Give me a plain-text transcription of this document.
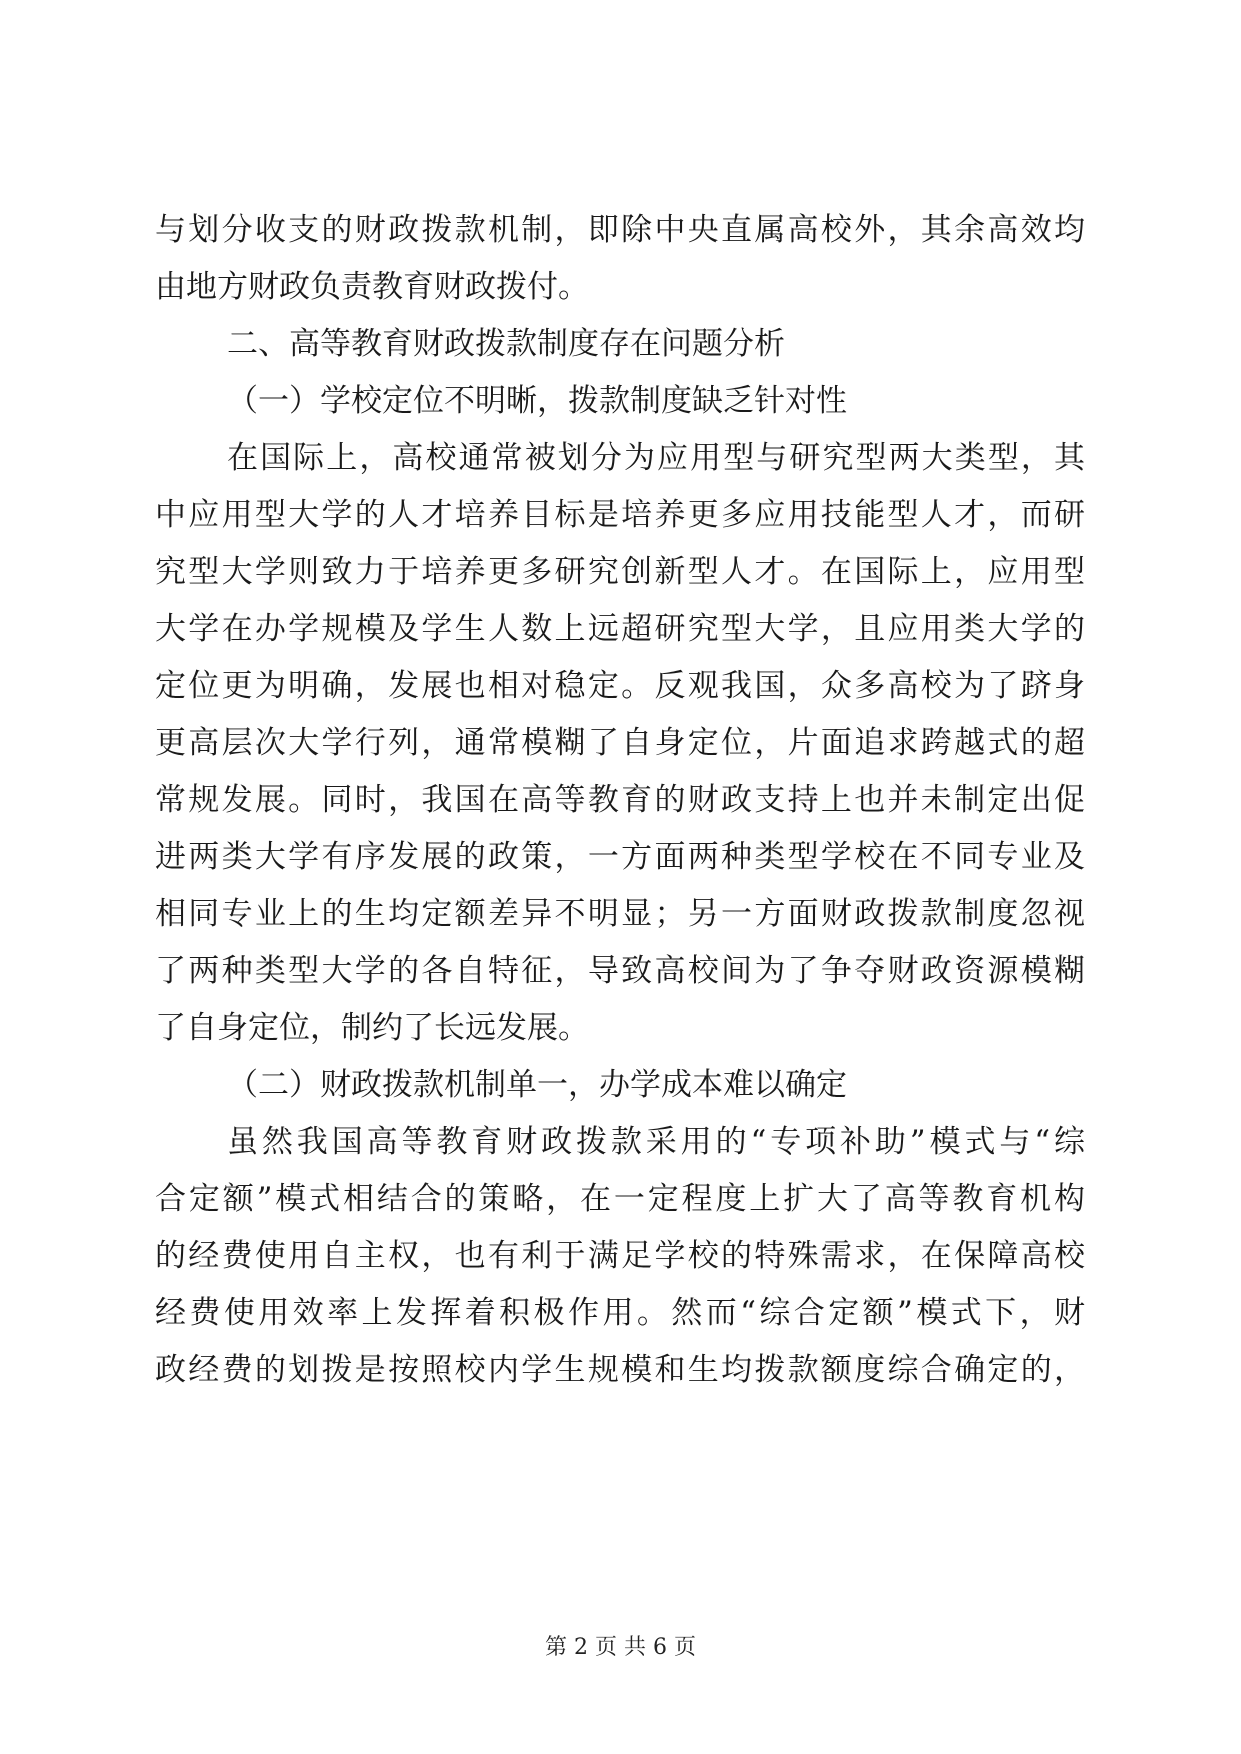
与划分收支的财政拨款机制，即除中央直属高校外，其余高效均
由地方财政负责教育财政拨付。
二、高等教育财政拨款制度存在问题分析
（一）学校定位不明晰，拨款制度缺乏针对性
在国际上，高校通常被划分为应用型与研究型两大类型，其
中应用型大学的人才培养目标是培养更多应用技能型人才，而研
究型大学则致力于培养更多研究创新型人才。在国际上，应用型
大学在办学规模及学生人数上远超研究型大学，且应用类大学的
定位更为明确，发展也相对稳定。反观我国，众多高校为了跻身
更高层次大学行列，通常模糊了自身定位，片面追求跨越式的超
常规发展。同时，我国在高等教育的财政支持上也并未制定出促
进两类大学有序发展的政策，一方面两种类型学校在不同专业及
相同专业上的生均定额差异不明显；另一方面财政拨款制度忽视
了两种类型大学的各自特征，导致高校间为了争夺财政资源模糊
了自身定位，制约了长远发展。
（二）财政拨款机制单一，办学成本难以确定
虽然我国高等教育财政拨款采用的“专项补助”模式与“综
合定额”模式相结合的策略，在一定程度上扩大了高等教育机构
的经费使用自主权，也有利于满足学校的特殊需求，在保障高校
经费使用效率上发挥着积极作用。然而“综合定额”模式下，财
政经费的划拨是按照校内学生规模和生均拨款额度综合确定的，
第 2 页 共 6 页
